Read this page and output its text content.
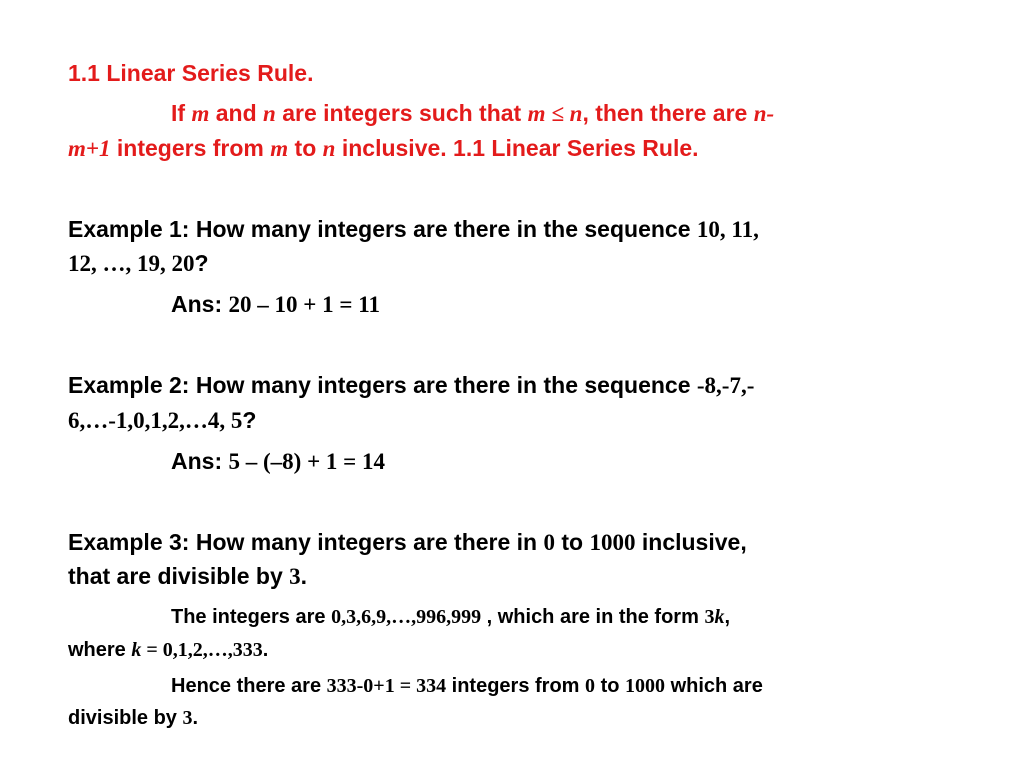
1.1 Linear Series Rule.
If m and n are integers such that m ≤ n, then there are n-
m+1 integers from m to n inclusive. 1.1 Linear Series Rule.
Example 1: How many integers are there in the sequence 10, 11,
12, …, 19, 20?
Ans: 20 – 10 + 1 = 11
Example 2: How many integers are there in the sequence -8,-7,-
6,…-1,0,1,2,…4, 5?
Ans: 5 – (–8) + 1 = 14
Example 3: How many integers are there in 0 to 1000 inclusive,
that are divisible by 3.
The integers are 0,3,6,9,…,996,999 , which are in the form 3k,
where k = 0,1,2,…,333.
Hence there are 333-0+1 = 334 integers from 0 to 1000 which are
divisible by 3.
